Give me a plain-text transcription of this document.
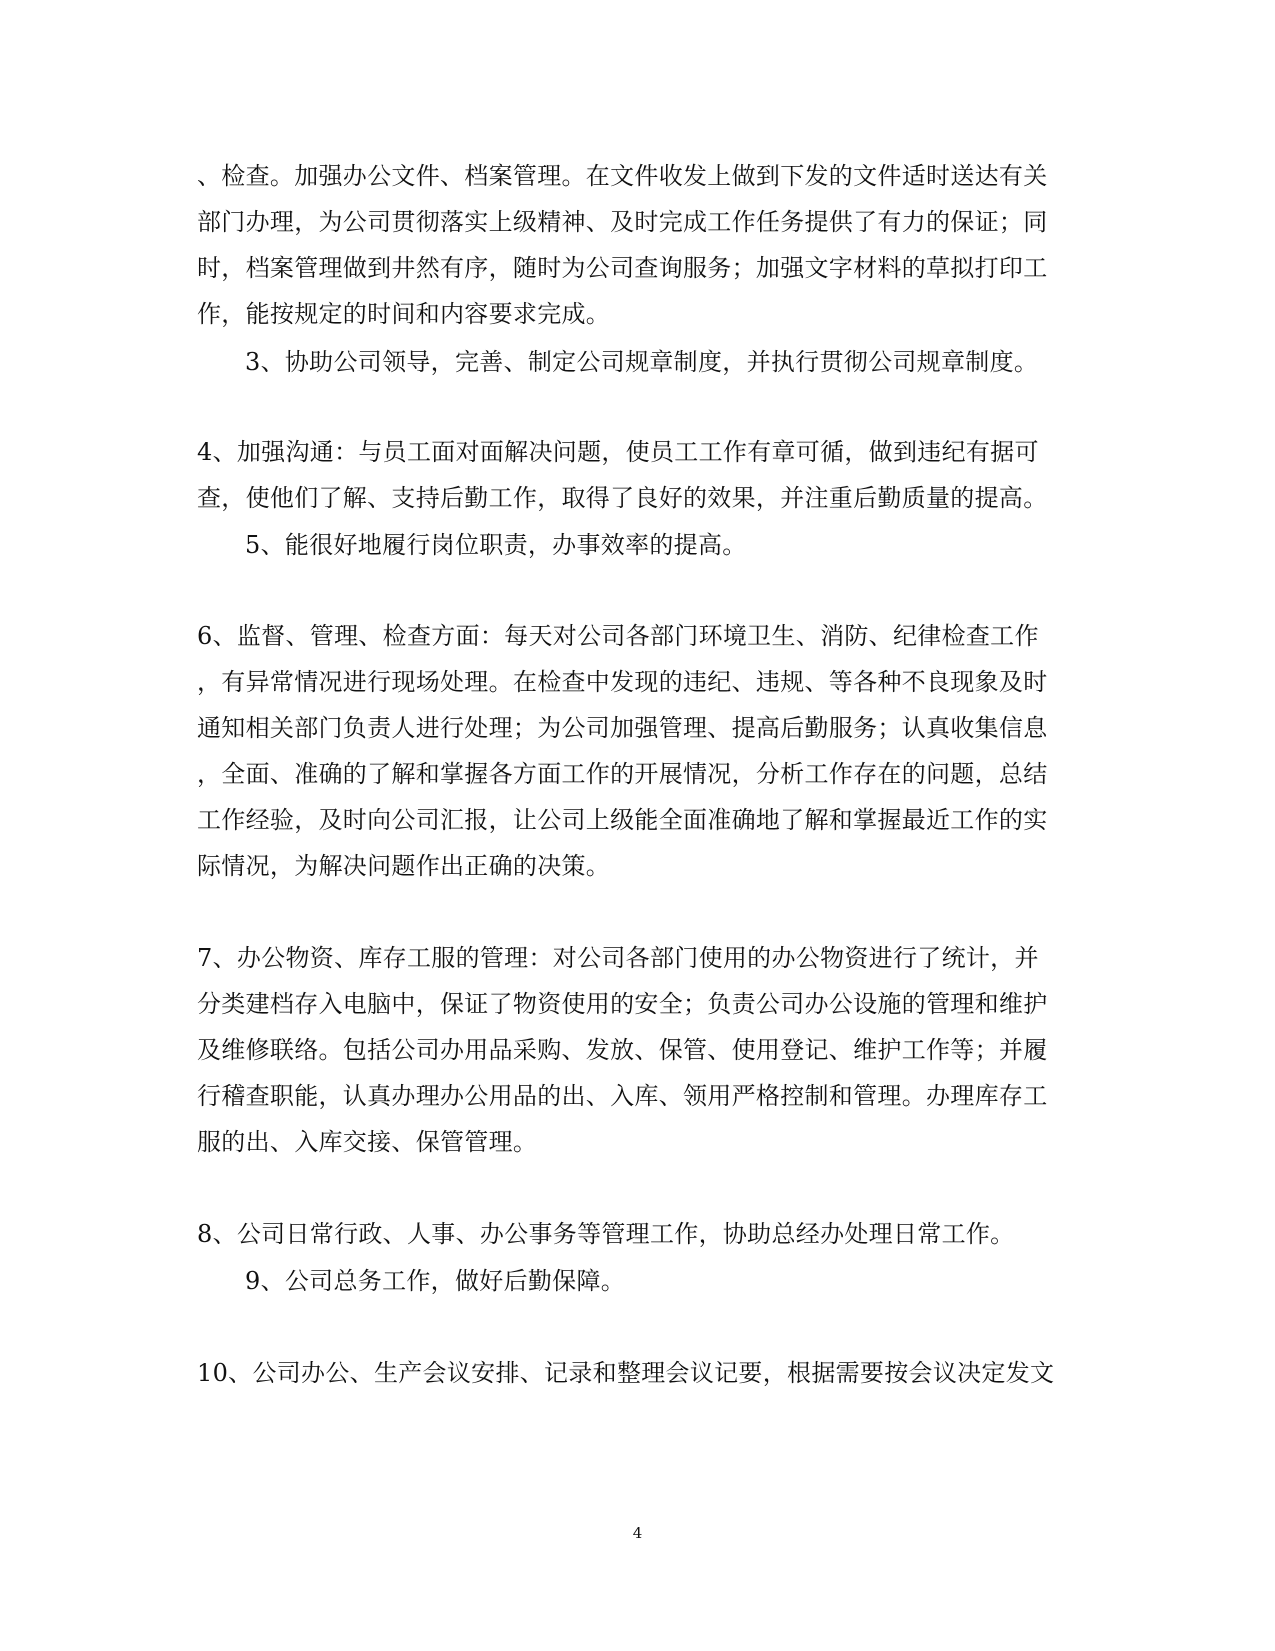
、检查。加强办公文件、档案管理。在文件收发上做到下发的文件适时送达有关
部门办理，为公司贯彻落实上级精神、及时完成工作任务提供了有力的保证；同
时，档案管理做到井然有序，随时为公司查询服务；加强文字材料的草拟打印工
作，能按规定的时间和内容要求完成。
3、协助公司领导，完善、制定公司规章制度，并执行贯彻公司规章制度。
4、加强沟通：与员工面对面解决问题，使员工工作有章可循，做到违纪有据可
查，使他们了解、支持后勤工作，取得了良好的效果，并注重后勤质量的提高。
5、能很好地履行岗位职责，办事效率的提高。
6、监督、管理、检查方面：每天对公司各部门环境卫生、消防、纪律检查工作
，有异常情况进行现场处理。在检查中发现的违纪、违规、等各种不良现象及时
通知相关部门负责人进行处理；为公司加强管理、提高后勤服务；认真收集信息
，全面、准确的了解和掌握各方面工作的开展情况，分析工作存在的问题，总结
工作经验，及时向公司汇报，让公司上级能全面准确地了解和掌握最近工作的实
际情况，为解决问题作出正确的决策。
7、办公物资、库存工服的管理：对公司各部门使用的办公物资进行了统计，并
分类建档存入电脑中，保证了物资使用的安全；负责公司办公设施的管理和维护
及维修联络。包括公司办用品采购、发放、保管、使用登记、维护工作等；并履
行稽查职能，认真办理办公用品的出、入库、领用严格控制和管理。办理库存工
服的出、入库交接、保管管理。
8、公司日常行政、人事、办公事务等管理工作，协助总经办处理日常工作。
9、公司总务工作，做好后勤保障。
10、公司办公、生产会议安排、记录和整理会议记要，根据需要按会议决定发文
4
